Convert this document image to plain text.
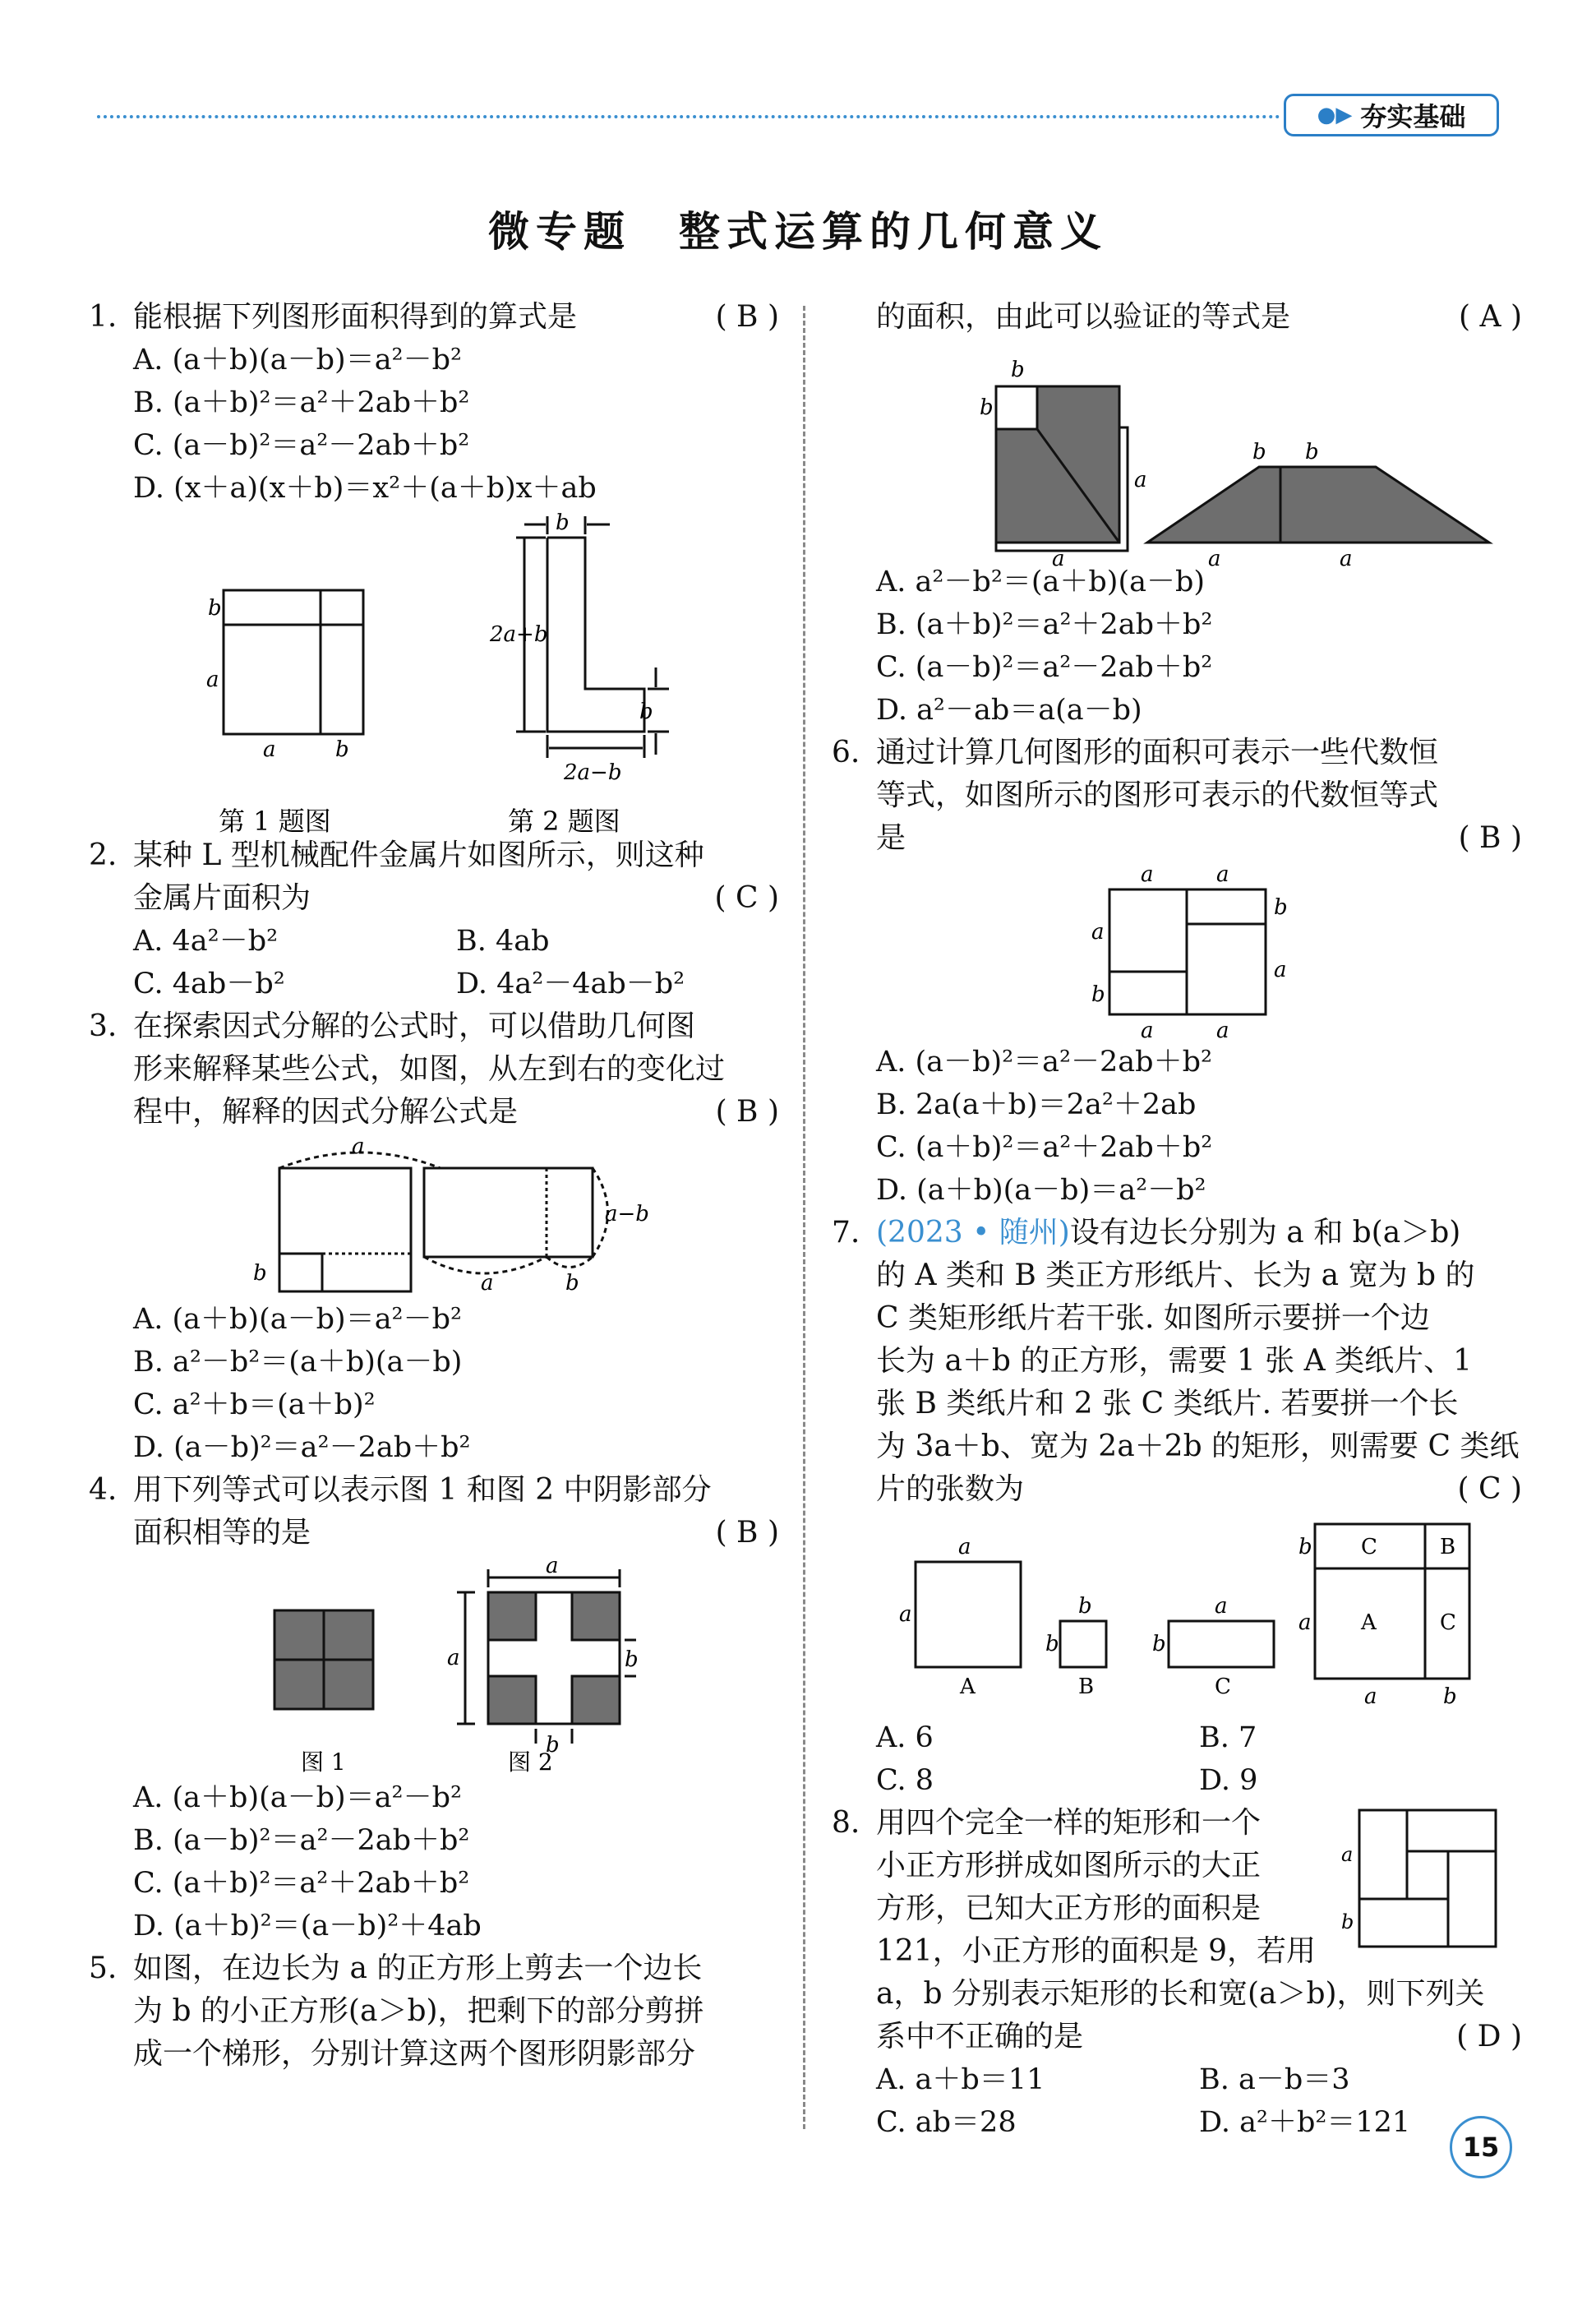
●▶ 夯实基础
微专题　整式运算的几何意义
1. 能根据下列图形面积得到的算式是	( B )
A. (a＋b)(a－b)＝a²－b²
B. (a＋b)²＝a²＋2ab＋b²
C. (a－b)²＝a²－2ab＋b²
D. (x＋a)(x＋b)＝x²＋(a＋b)x＋ab
b
a
a	b
b
2a+b
b
2a−b
第 1 题图	第 2 题图
2. 某种 L 型机械配件金属片如图所示，则这种
金属片面积为	( C )
A. 4a²－b²	B. 4ab
C. 4ab－b²	D. 4a²－4ab－b²
3. 在探索因式分解的公式时，可以借助几何图
形来解释某些公式，如图，从左到右的变化过
程中，解释的因式分解公式是	( B )
a
b
a−b
a	b
A. (a＋b)(a－b)＝a²－b²
B. a²－b²＝(a＋b)(a－b)
C. a²＋b＝(a＋b)²
D. (a－b)²＝a²－2ab＋b²
4. 用下列等式可以表示图 1 和图 2 中阴影部分
面积相等的是	( B )
a
a
b
b
图 1	图 2
A. (a＋b)(a－b)＝a²－b²
B. (a－b)²＝a²－2ab＋b²
C. (a＋b)²＝a²＋2ab＋b²
D. (a＋b)²＝(a－b)²＋4ab
5. 如图，在边长为 a 的正方形上剪去一个边长
为 b 的小正方形(a＞b)，把剩下的部分剪拼
成一个梯形，分别计算这两个图形阴影部分
的面积，由此可以验证的等式是	( A )
b
b
a
a
b b
a	a
A. a²－b²＝(a＋b)(a－b)
B. (a＋b)²＝a²＋2ab＋b²
C. (a－b)²＝a²－2ab＋b²
D. a²－ab＝a(a－b)
6. 通过计算几何图形的面积可表示一些代数恒
等式，如图所示的图形可表示的代数恒等式
是	( B )
a	a
a
b
b
a
a	a
A. (a－b)²＝a²－2ab＋b²
B. 2a(a＋b)＝2a²＋2ab
C. (a＋b)²＝a²＋2ab＋b²
D. (a＋b)(a－b)＝a²－b²
7. (2023 • 随州)设有边长分别为 a 和 b(a＞b)
的 A 类和 B 类正方形纸片、长为 a 宽为 b 的
C 类矩形纸片若干张. 如图所示要拼一个边
长为 a＋b 的正方形，需要 1 张 A 类纸片、1
张 B 类纸片和 2 张 C 类纸片. 若要拼一个长
为 3a＋b、宽为 2a＋2b 的矩形，则需要 C 类纸
片的张数为	( C )
a
a
A
b
b
B
a
b
C
C	B
A	C
b
a
a	b
A. 6	B. 7
C. 8	D. 9
8. 用四个完全一样的矩形和一个
小正方形拼成如图所示的大正
方形，已知大正方形的面积是
121，小正方形的面积是 9，若用
a，b 分别表示矩形的长和宽(a＞b)，则下列关
系中不正确的是	( D )
a
b
A. a＋b＝11	B. a－b＝3
C. ab＝28	D. a²＋b²＝121
15
